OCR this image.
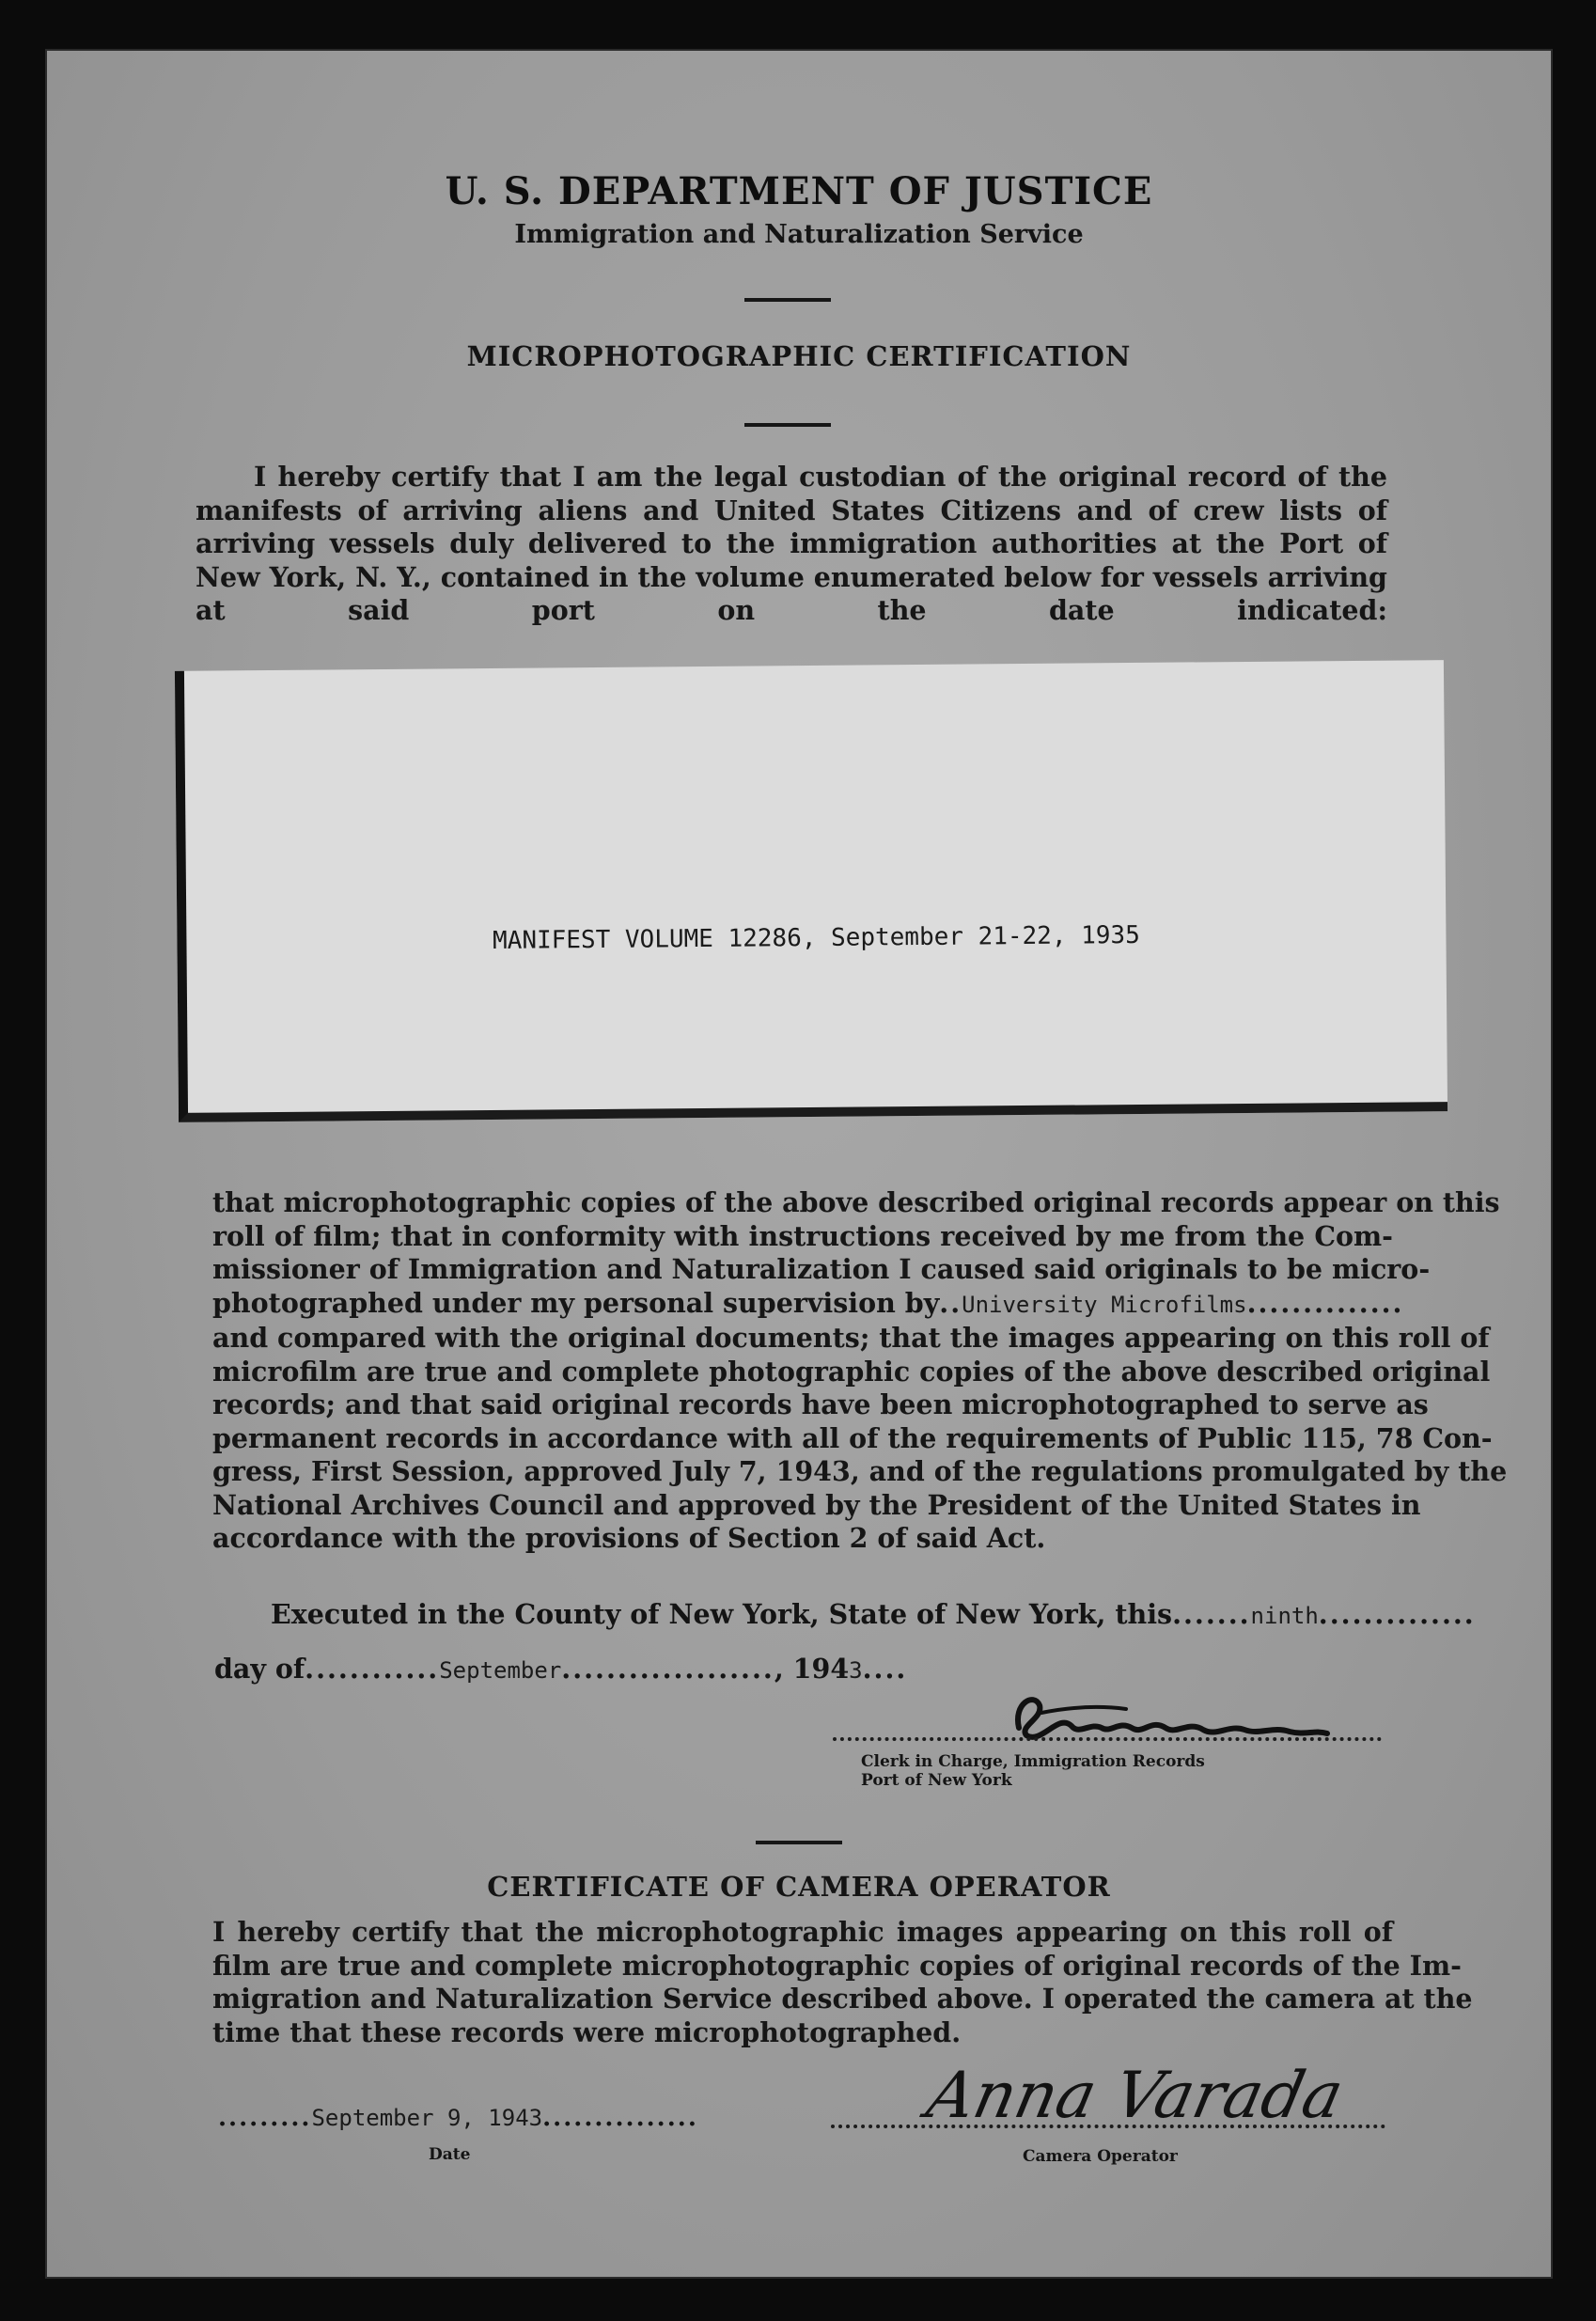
U. S. DEPARTMENT OF JUSTICE
Immigration and Naturalization Service
MICROPHOTOGRAPHIC CERTIFICATION
I hereby certify that I am the legal custodian of the original record of the manifests of arriving aliens and United States Citizens and of crew lists of arriving vessels duly delivered to the immigration authorities at the Port of New York, N. Y., contained in the volume enumerated below for vessels arriving at said port on the date indicated:
MANIFEST VOLUME 12286, September 21-22, 1935
that microphotographic copies of the above described original records appear on this
roll of film; that in conformity with instructions received by me from the Com-
missioner of Immigration and Naturalization I caused said originals to be micro-
photographed under my personal supervision by..University Microfilms..............
and compared with the original documents; that the images appearing on this roll of
microfilm are true and complete photographic copies of the above described original
records; and that said original records have been microphotographed to serve as
permanent records in accordance with all of the requirements of Public 115, 78 Con-
gress, First Session, approved July 7, 1943, and of the regulations promulgated by the
National Archives Council and approved by the President of the United States in
accordance with the provisions of Section 2 of said Act.
Executed in the County of New York, State of New York, this.......ninth..............
day of............September..................., 1943....
Clerk in Charge, Immigration Records
Port of New York
CERTIFICATE OF CAMERA OPERATOR
I hereby certify that the microphotographic images appearing on this roll of
film are true and complete microphotographic copies of original records of the Im-
migration and Naturalization Service described above. I operated the camera at the
time that these records were microphotographed.
.........September 9, 1943...............
Date
Anna Varada
Camera Operator
